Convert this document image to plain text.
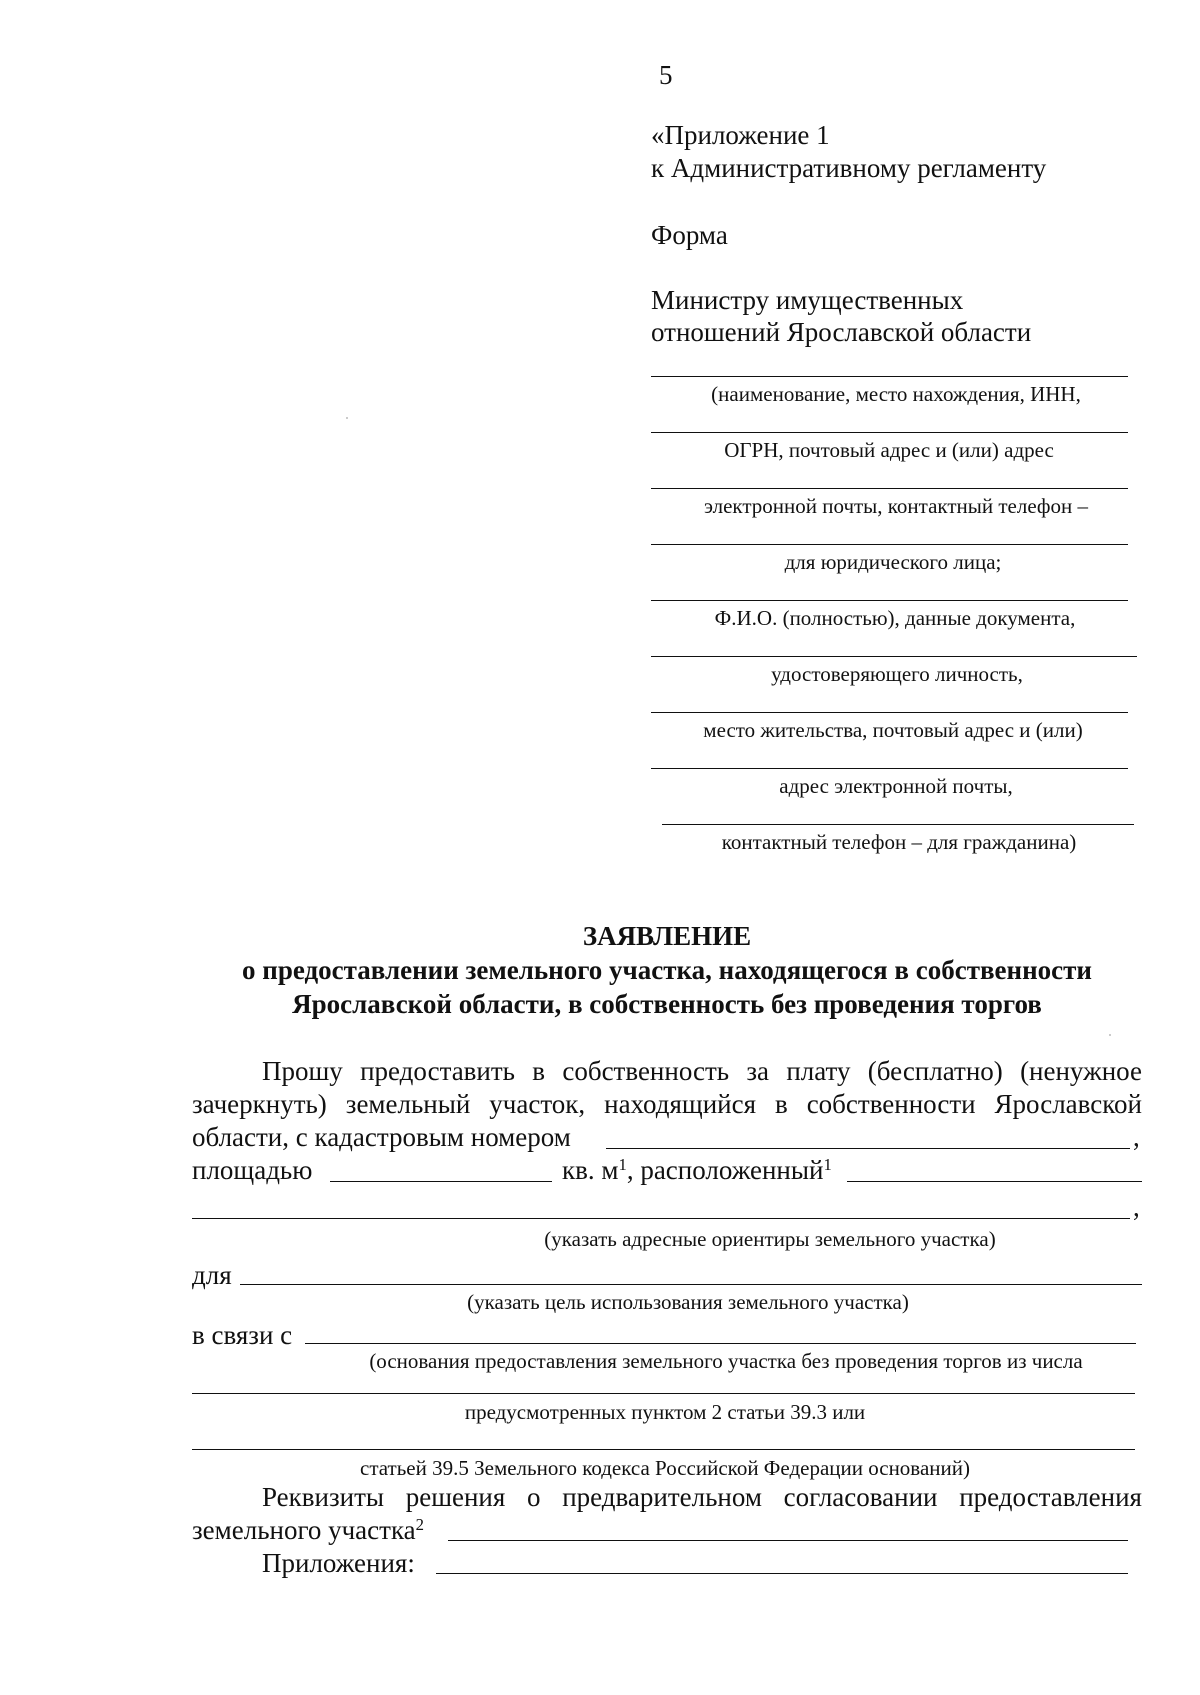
5
«Приложение 1
к Административному регламенту
Форма
Министру имущественных
отношений Ярославской области
(наименование, место нахождения, ИНН,
ОГРН, почтовый адрес и (или) адрес
электронной почты, контактный телефон –
для юридического лица;
Ф.И.О. (полностью), данные документа,
удостоверяющего личность,
место жительства, почтовый адрес и (или)
адрес электронной почты,
контактный телефон – для гражданина)
ЗАЯВЛЕНИЕ
о предоставлении земельного участка, находящегося в собственности
Ярославской области, в собственность без проведения торгов
Прошу предоставить в собственность за плату (бесплатно) (ненужное
зачеркнуть) земельный участок, находящийся в собственности Ярославской
области, с кадастровым номером	,
площадью	кв. $м^1$, расположенный$^1$
,
(указать адресные ориентиры земельного участка)
для
(указать цель использования земельного участка)
в связи с
(основания предоставления земельного участка без проведения торгов из числа
предусмотренных пунктом 2 статьи 39.3 или
статьей 39.5 Земельного кодекса Российской Федерации оснований)
Реквизиты решения о предварительном согласовании предоставления
земельного участка$^2$
Приложения:
